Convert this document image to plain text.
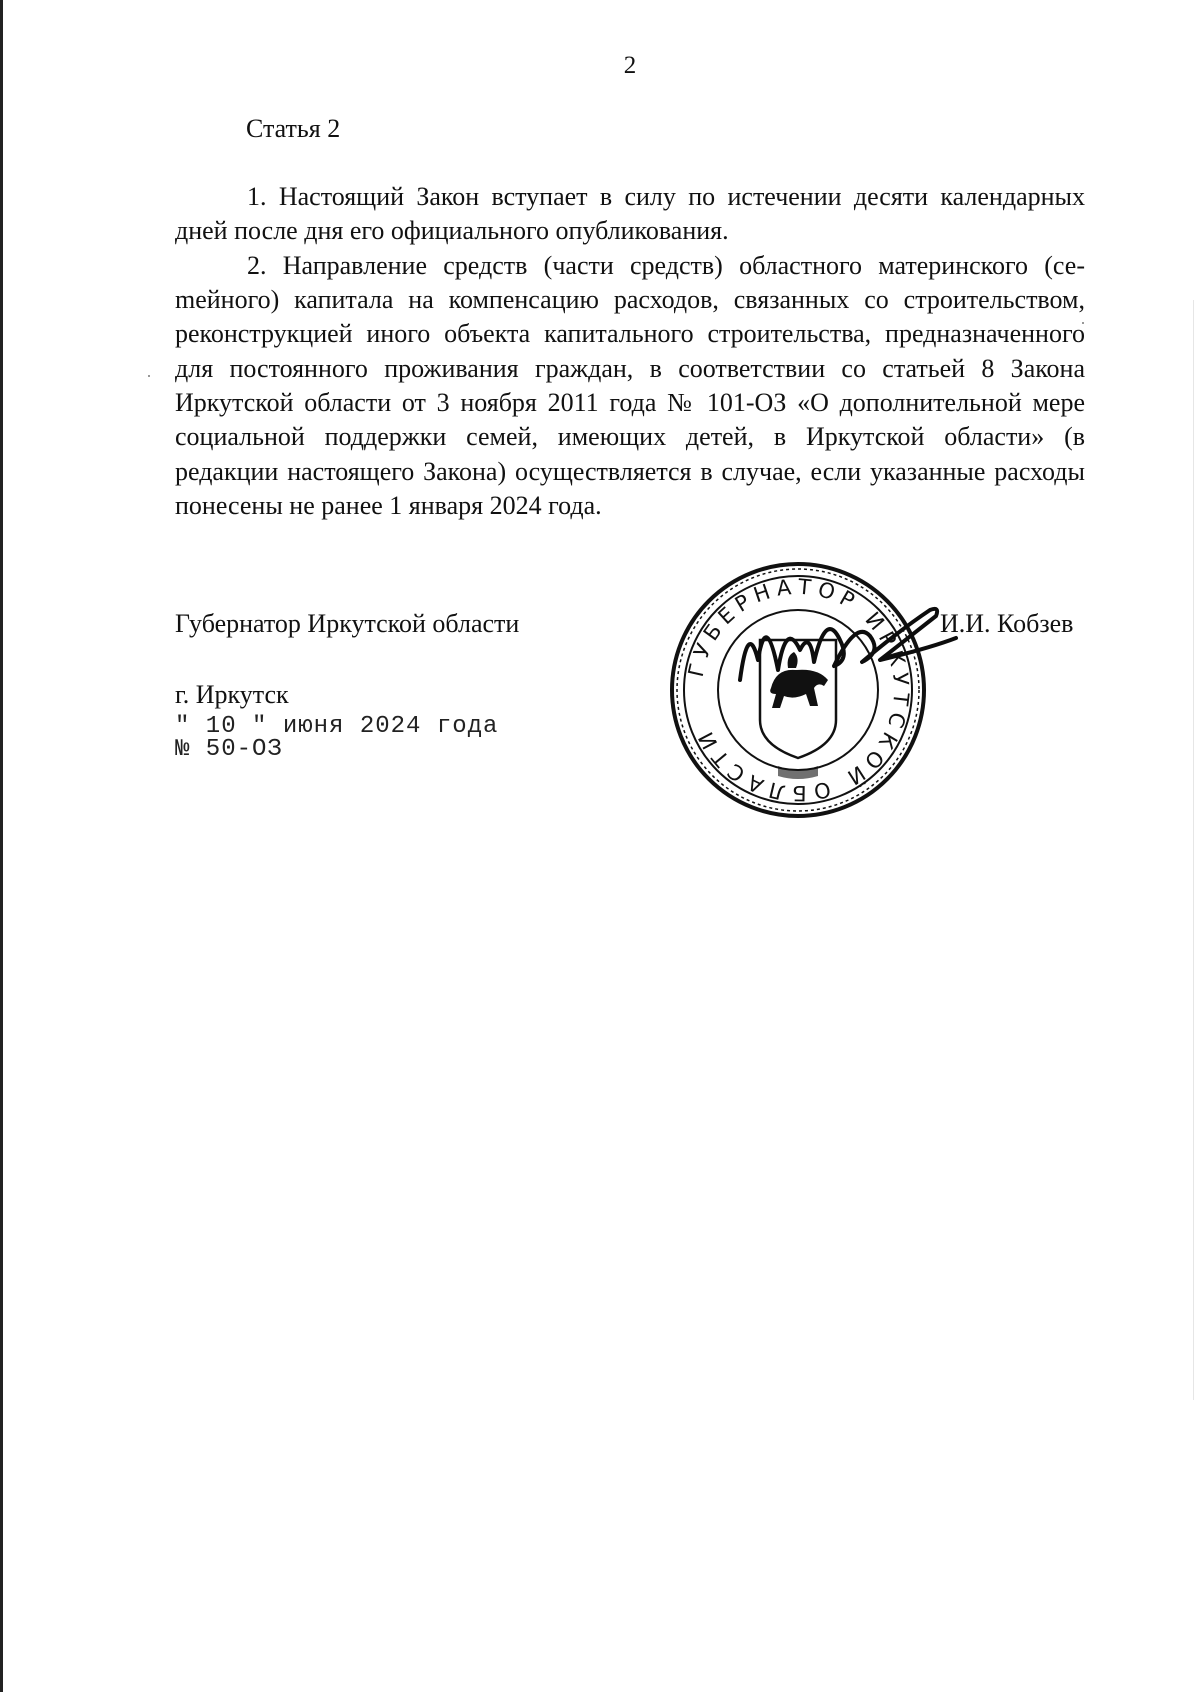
2
Статья 2

1. Настоящий Закон вступает в силу по истечении десяти календарных дней после дня его официального опубликования.

2. Направление средств (части средств) областного материнского (сеmейного) капитала на компенсацию расходов, связанных со строительством, реконструкцией иного объекта капитального строительства, предназначенного для постоянного проживания граждан, в соответствии со статьей 8 Закона Иркутской области от 3 ноября 2011 года № 101-ОЗ «О дополнительной мере социальной поддержки семей, имеющих детей, в Иркутской области» (в редакции настоящего Закона) осуществляется в случае, если указанные расходы понесены не ранее 1 января 2024 года.

Губернатор Иркутской области	И.И. Кобзев
г. Иркутск
" 10 " июня 2024 года
№ 50-ОЗ
ГУБЕРНАТОР ИРКУТСКОЙ ОБЛАСТИ
